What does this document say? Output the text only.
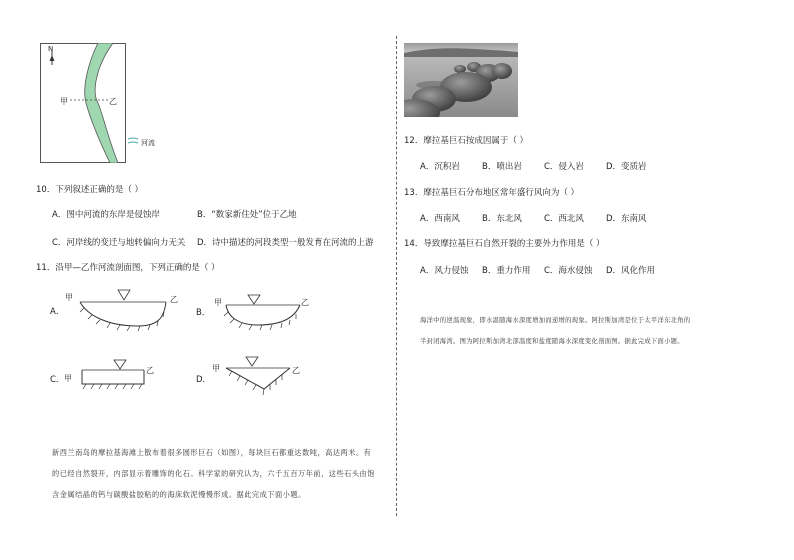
N
甲	乙
河流
10．下列叙述正确的是（ ）
A．图中河流的东岸是侵蚀岸	B．“数家新住处”位于乙地
C．河岸线的变迁与地转偏向力无关 D．诗中描述的河段类型一般发育在河流的上游
11．沿甲—乙作河流剖面图，下列正确的是（ ）
A．
甲	乙
B．
甲	乙
C． 甲
乙
D．
甲	乙
新西兰南岛的摩拉基海滩上散布着很多圆形巨石（如图），每块巨石都重达数吨，高达两米。有
的已经自然裂开，内部显示着雕饰的化石。科学家的研究认为，六千五百万年前，这些石头由饱
含金属结晶的钙与碳酸盐胶粘的的海床软泥慢慢形成。据此完成下面小题。
12．摩拉基巨石按成因属于（ ）
A．沉积岩	B．喷出岩	C．侵入岩	D．变质岩
13．摩拉基巨石分布地区常年盛行风向为（ ）
A．西南风	B．东北风	C．西北风	D．东南风
14．导致摩拉基巨石自然开裂的主要外力作用是（ ）
A．风力侵蚀 B．重力作用 C．海水侵蚀 D．风化作用
海洋中的逆温现象，即水温随海水深度增加而递增的现象。阿拉斯加湾是位于太平洋东北角的
半封闭海湾。图为阿拉斯加湾北部温度和盐度随海水深度变化剖面图。据此完成下面小题。
